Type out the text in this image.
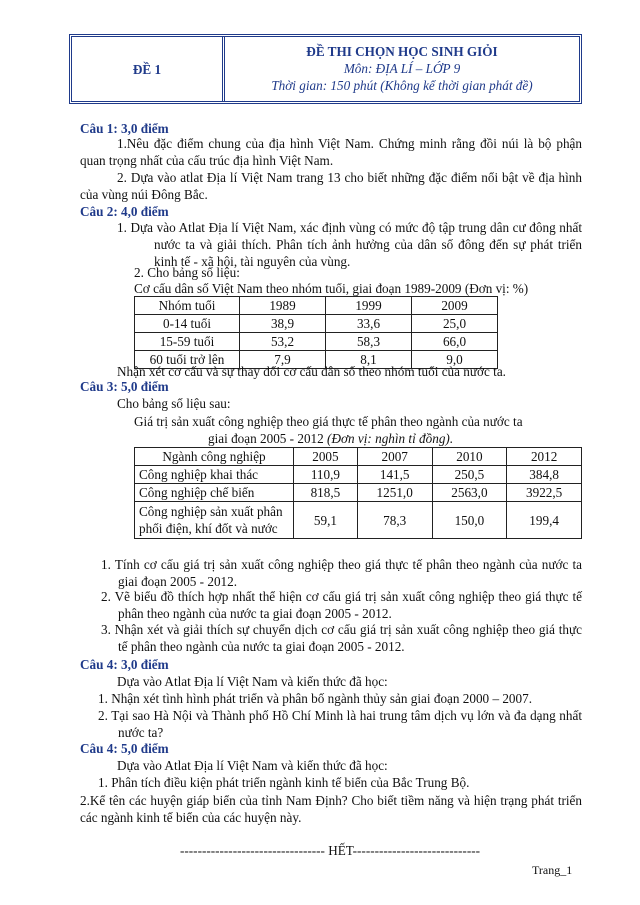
ĐỀ 1
ĐỀ THI CHỌN HỌC SINH GIỎI
Môn: ĐỊA LÍ – LỚP 9
Thời gian: 150 phút (Không kể thời gian phát đề)
Câu 1: 3,0 điểm
1.Nêu đặc điểm chung của địa hình Việt Nam. Chứng minh rằng đồi núi là bộ phận quan trọng nhất của cấu trúc địa hình Việt Nam.
2. Dựa vào atlat Địa lí Việt Nam trang 13 cho biết những đặc điểm nổi bật về địa hình của vùng núi Đông Bắc.
Câu 2: 4,0 điểm
1. Dựa vào Atlat Địa lí Việt Nam, xác định vùng có mức độ tập trung dân cư đông nhất nước ta và giải thích. Phân tích ảnh hưởng của dân số đông đến sự phát triển kinh tế - xã hội, tài nguyên của vùng.
2. Cho bảng số liệu:
Cơ cấu dân số Việt Nam theo nhóm tuổi, giai đoạn 1989-2009 (Đơn vị: %)
Nhóm tuổi	1989	1999	2009
0-14 tuổi	38,9	33,6	25,0
15-59 tuổi	53,2	58,3	66,0
60 tuổi trở lên	7,9	8,1	9,0
Nhận xét cơ cấu và sự thay đổi cơ cấu dân số theo nhóm tuổi của nước ta.
Câu 3: 5,0 điểm
Cho bảng số liệu sau:
Giá trị sản xuất công nghiệp theo giá thực tế phân theo ngành của nước ta
giai đoạn 2005 - 2012 (Đơn vị: nghìn tỉ đồng).
Ngành công nghiệp	2005	2007	2010	2012
Công nghiệp khai thác	110,9	141,5	250,5	384,8
Công nghiệp chế biến	818,5	1251,0	2563,0	3922,5
Công nghiệp sản xuất phân phối điện, khí đốt và nước	59,1	78,3	150,0	199,4
1. Tính cơ cấu giá trị sản xuất công nghiệp theo giá thực tế phân theo ngành của nước ta giai đoạn 2005 - 2012.
2. Vẽ biểu đồ thích hợp nhất thể hiện cơ cấu giá trị sản xuất công nghiệp theo giá thực tế phân theo ngành của nước ta giai đoạn 2005 - 2012.
3. Nhận xét và giải thích sự chuyển dịch cơ cấu giá trị sản xuất công nghiệp theo giá thực tế phân theo ngành của nước ta giai đoạn 2005 - 2012.
Câu 4: 3,0 điểm
Dựa vào Atlat Địa lí Việt Nam và kiến thức đã học:
1. Nhận xét tình hình phát triển và phân bố ngành thủy sản giai đoạn 2000 – 2007.
2. Tại sao Hà Nội và Thành phố Hồ Chí Minh là hai trung tâm dịch vụ lớn và đa dạng nhất nước ta?
Câu 4: 5,0 điểm
Dựa vào Atlat Địa lí Việt Nam và kiến thức đã học:
1. Phân tích điều kiện phát triển ngành kinh tế biển của Bắc Trung Bộ.
2.Kể tên các huyện giáp biển của tỉnh Nam Định? Cho biết tiềm năng và hiện trạng phát triển các ngành kinh tế biển của các huyện này.
--------------------------------- HẾT-----------------------------
Trang_1
